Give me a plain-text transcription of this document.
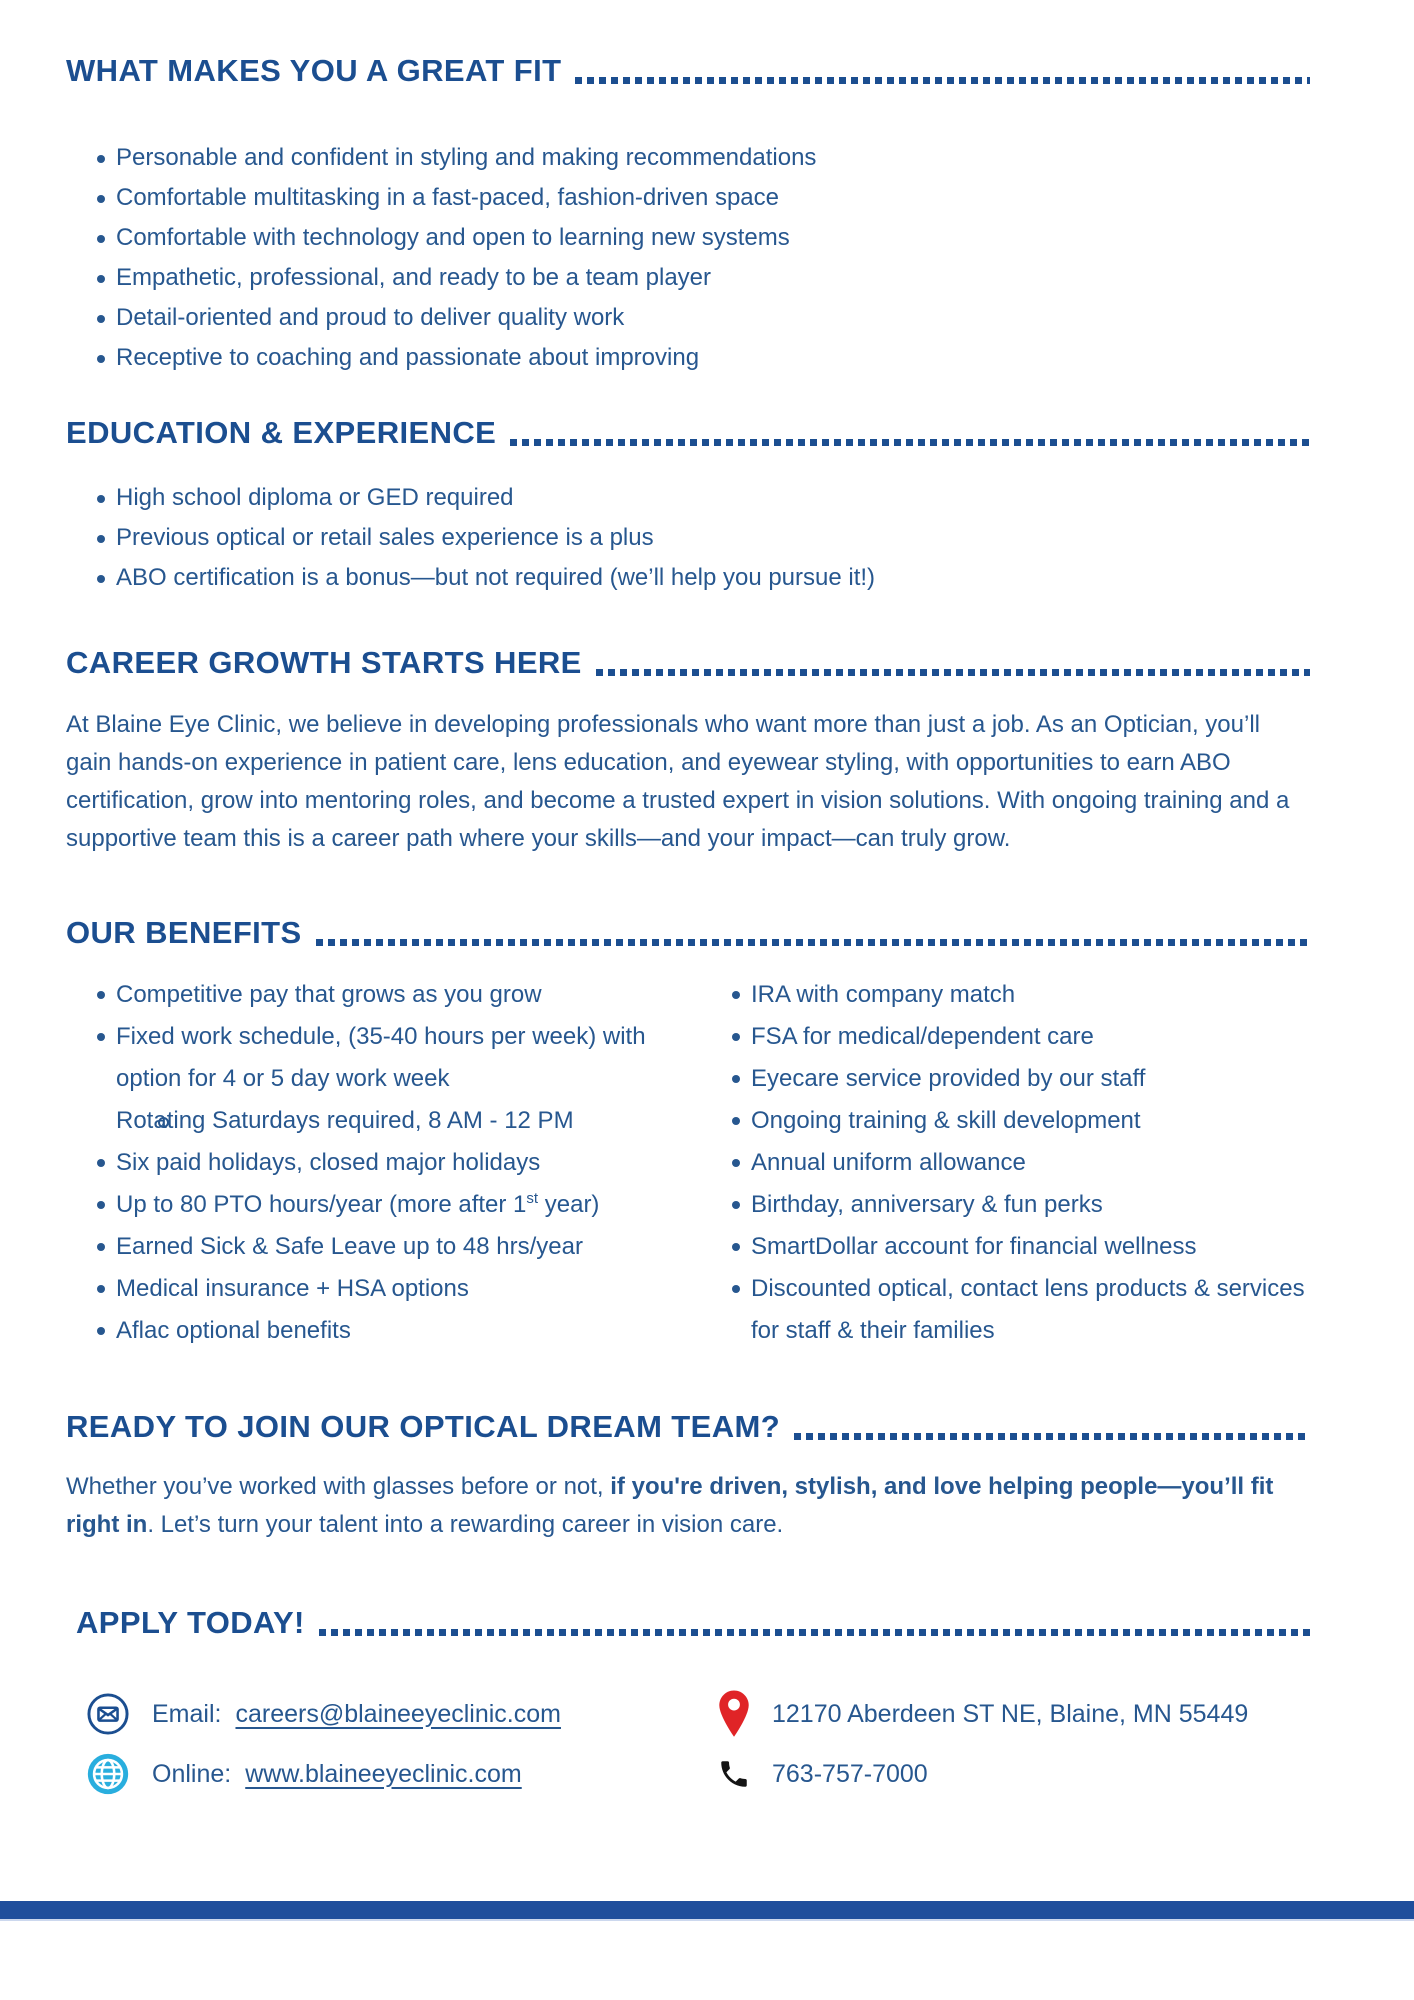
WHAT MAKES YOU A GREAT FIT
Personable and confident in styling and making recommendations
Comfortable multitasking in a fast-paced, fashion-driven space
Comfortable with technology and open to learning new systems
Empathetic, professional, and ready to be a team player
Detail-oriented and proud to deliver quality work
Receptive to coaching and passionate about improving
EDUCATION & EXPERIENCE
High school diploma or GED required
Previous optical or retail sales experience is a plus
ABO certification is a bonus—but not required (we’ll help you pursue it!)
CAREER GROWTH STARTS HERE

At Blaine Eye Clinic, we believe in developing professionals who want more than just a job. As an Optician, you’ll gain hands-on experience in patient care, lens education, and eyewear styling, with opportunities to earn ABO certification, grow into mentoring roles, and become a trusted expert in vision solutions. With ongoing training and a supportive team this is a career path where your skills—and your impact—can truly grow.

OUR BENEFITS
Competitive pay that grows as you grow
Fixed work schedule, (35-40 hours per week) with option for 4 or 5 day work week
Rotating Saturdays required, 8 AM - 12 PM
Six paid holidays, closed major holidays
Up to 80 PTO hours/year (more after 1st year)
Earned Sick & Safe Leave up to 48 hrs/year
Medical insurance + HSA options
Aflac optional benefits
IRA with company match
FSA for medical/dependent care
Eyecare service provided by our staff
Ongoing training & skill development
Annual uniform allowance
Birthday, anniversary & fun perks
SmartDollar account for financial wellness
Discounted optical, contact lens products & services for staff & their families
READY TO JOIN OUR OPTICAL DREAM TEAM?

Whether you’ve worked with glasses before or not, if you're driven, stylish, and love helping people—you’ll fit right in. Let’s turn your talent into a rewarding career in vision care.

APPLY TODAY!
Email: careers@blaineeyeclinic.com
Online: www.blaineeyeclinic.com
12170 Aberdeen ST NE, Blaine, MN 55449
763-757-7000
